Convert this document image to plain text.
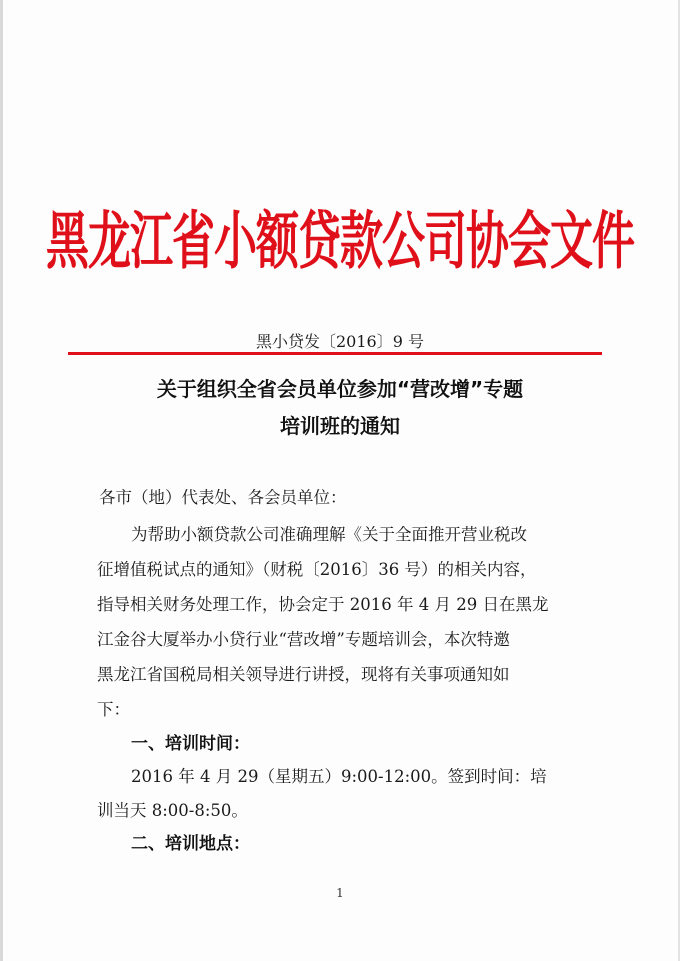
黑龙江省小额贷款公司协会文件
黑小贷发〔2016〕9 号
关于组织全省会员单位参加“营改增”专题
培训班的通知
各市（地）代表处、各会员单位：
为帮助小额贷款公司准确理解《关于全面推开营业税改
征增值税试点的通知》（财税〔2016〕36 号）的相关内容，
指导相关财务处理工作，协会定于 2016 年 4 月 29 日在黑龙
江金谷大厦举办小贷行业“营改增”专题培训会，本次特邀
黑龙江省国税局相关领导进行讲授，现将有关事项通知如
下：
一、培训时间：
2016 年 4 月 29（星期五）9:00-12:00。签到时间：培
训当天 8:00-8:50。
二、培训地点：
1
